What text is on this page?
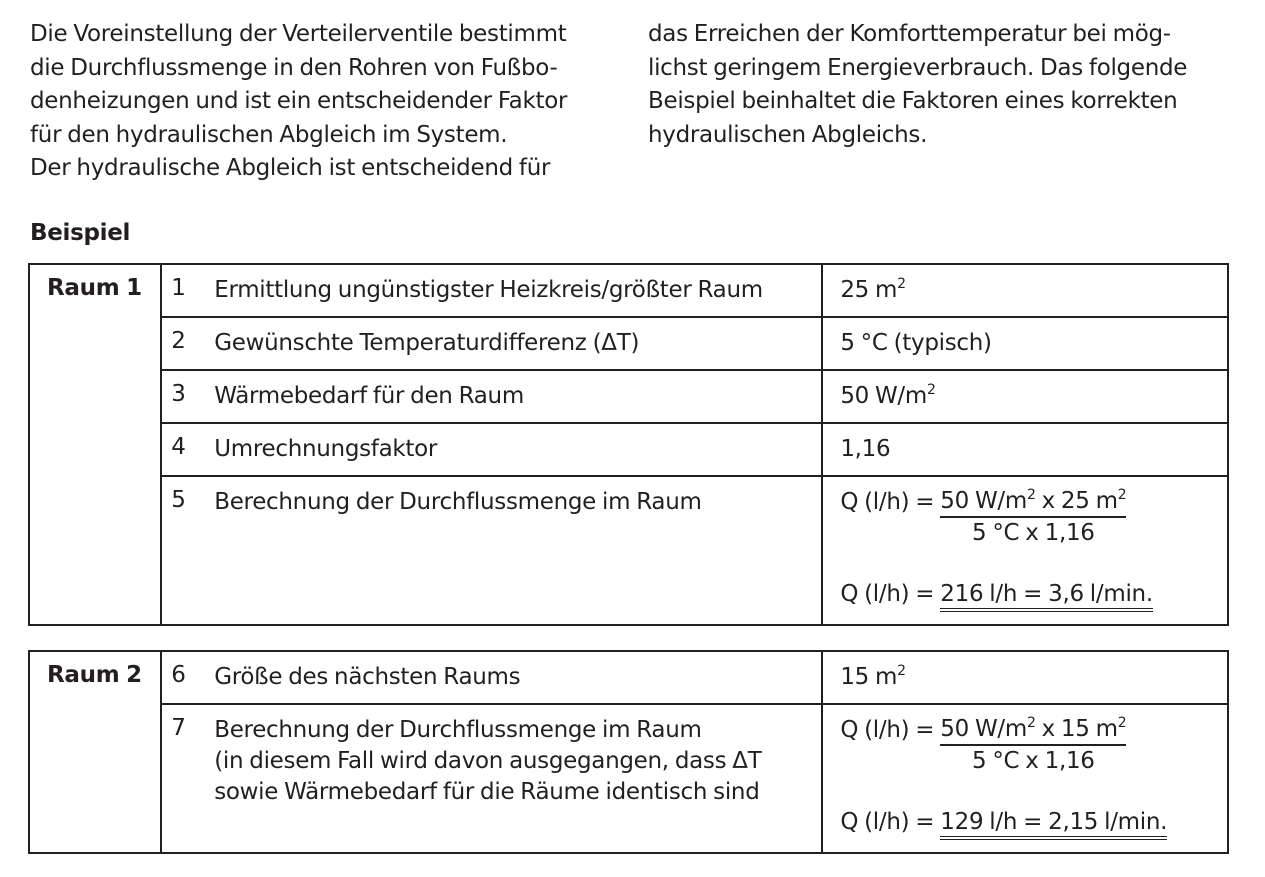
Die Voreinstellung der Verteilerventile bestimmt
die Durchflussmenge in den Rohren von Fußbo-
denheizungen und ist ein entscheidender Faktor
für den hydraulischen Abgleich im System.
Der hydraulische Abgleich ist entscheidend für

das Erreichen der Komforttemperatur bei mög-
lichst geringem Energieverbrauch. Das folgende
Beispiel beinhaltet die Faktoren eines korrekten
hydraulischen Abgleichs.

Beispiel
Raum 1	1 Ermittlung ungünstigster Heizkreis/größter Raum	25 $m^2$

	2 Gewünschte Temperaturdifferenz (ΔT)	5 °C (typisch)

	3 Wärmebedarf für den Raum	50 $W/m^2$

	4 Umrechnungsfaktor	1,16

	5 Berechnung der Durchflussmenge im Raum	Q $(l/h) = \frac{50 W/m^2 x 25 m^2}{\text{5 °C x 1,16}}$
Q (l/h) = 216 l/h = 3,6 l/min.
Raum 2	6 Größe des nächsten Raums	15 $m^2$

	7 Berechnung der Durchflussmenge im Raum
(in diesem Fall wird davon ausgegangen, dass ΔT
sowie Wärmebedarf für die Räume identisch sind	Q $(l/h) = \frac{50 W/m^2 x 15 m^2}{\text{5 °C x 1,16}}$
Q (l/h) = 129 l/h = 2,15 l/min.
